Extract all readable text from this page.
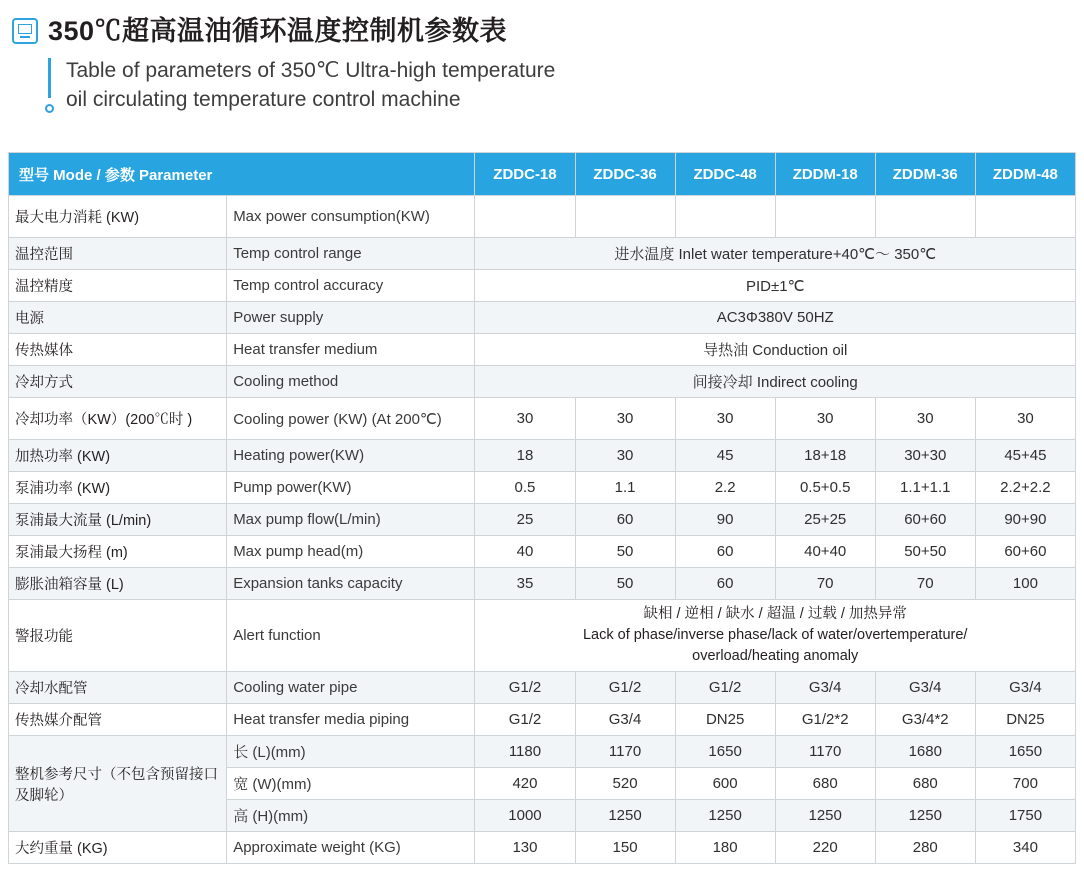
350℃超高温油循环温度控制机参数表
Table of parameters of 350℃ Ultra-high temperature
oil circulating temperature control machine
型号 Mode / 参数 Parameter		ZDDC-18	ZDDC-36	ZDDC-48	ZDDM-18	ZDDM-36	ZDDM-48
最大电力消耗 (KW)	Max power consumption(KW)						
温控范围	Temp control range	进水温度 Inlet water temperature+40℃～ 350℃					
温控精度	Temp control accuracy	PID±1℃					
电源	Power supply	AC3Φ380V 50HZ					
传热媒体	Heat transfer medium	导热油 Conduction oil					
冷却方式	Cooling method	间接冷却 Indirect cooling					
冷却功率（KW）(200℃时 )	Cooling power (KW) (At 200℃)	30	30	30	30	30	30
加热功率 (KW)	Heating power(KW)	18	30	45	18+18	30+30	45+45
泵浦功率 (KW)	Pump power(KW)	0.5	1.1	2.2	0.5+0.5	1.1+1.1	2.2+2.2
泵浦最大流量 (L/min)	Max pump flow(L/min)	25	60	90	25+25	60+60	90+90
泵浦最大扬程 (m)	Max pump head(m)	40	50	60	40+40	50+50	60+60
膨胀油箱容量 (L)	Expansion tanks capacity	35	50	60	70	70	100
警报功能	Alert function	缺相 / 逆相 / 缺水 / 超温 / 过载 / 加热异常
Lack of phase/inverse phase/lack of water/overtemperature/
overload/heating anomaly					

冷却水配管	Cooling water pipe	G1/2	G1/2	G1/2	G3/4	G3/4	G3/4
传热媒介配管	Heat transfer media piping	G1/2	G3/4	DN25	G1/2*2	G3/4*2	DN25
整机参考尺寸（不包含预留接口及脚轮）	长 (L)(mm)	1180	1170	1650	1170	1680	1650
	宽 (W)(mm)	420	520	600	680	680	700
	高 (H)(mm)	1000	1250	1250	1250	1250	1750
大约重量 (KG)	Approximate weight (KG)	130	150	180	220	280	340
